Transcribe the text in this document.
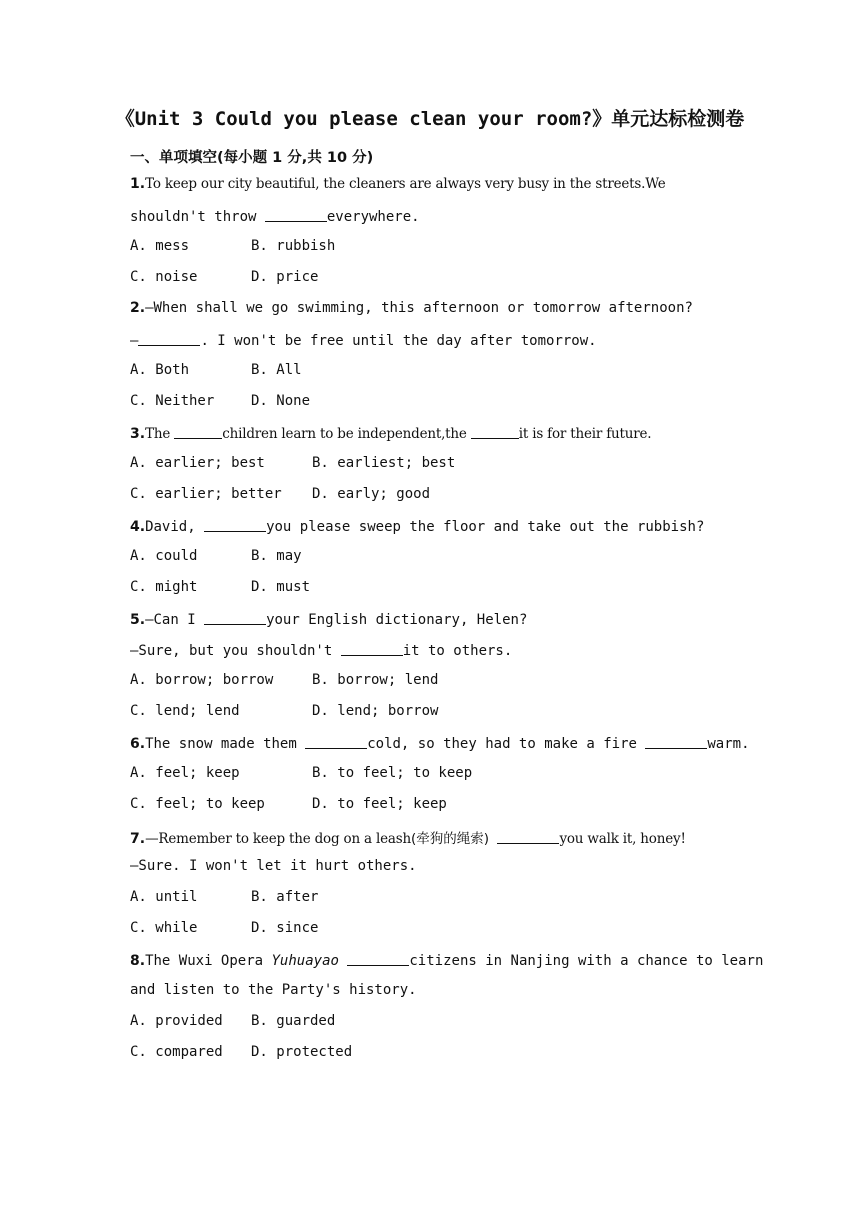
《Unit 3 Could you please clean your room?》单元达标检测卷
一、单项填空(每小题 1 分,共 10 分)
1.To keep our city beautiful, the cleaners are always very busy in the streets.We
shouldn't throw	everywhere.
A. mess	B. rubbish
C. noise	D. price
2.—When shall we go swimming, this afternoon or tomorrow afternoon?
—	. I won't be free until the day after tomorrow.
A. Both	B. All
C. Neither	D. None
3.The	children learn to be independent,the	it is for their future.
A. earlier; best	B. earliest; best
C. earlier; better D. early; good
4.David,	you please sweep the floor and take out the rubbish?
A. could	B. may
C. might	D. must
5.—Can I	your English dictionary, Helen?
—Sure, but you shouldn't	it to others.
A. borrow; borrow	B. borrow; lend
C. lend; lend	D. lend; borrow
6.The snow made them	cold, so they had to make a fire	warm.
A. feel; keep	B. to feel; to keep
C. feel; to keep	D. to feel; keep
7.—Remember to keep the dog on a leash(牵狗的绳索)	you walk it, honey!
—Sure. I won't let it hurt others.
A. until	B. after
C. while	D. since
8.The Wuxi Opera Yuhuayao	citizens in Nanjing with a chance to learn
and listen to the Party's history.
A. provided B. guarded
C. compared D. protected
